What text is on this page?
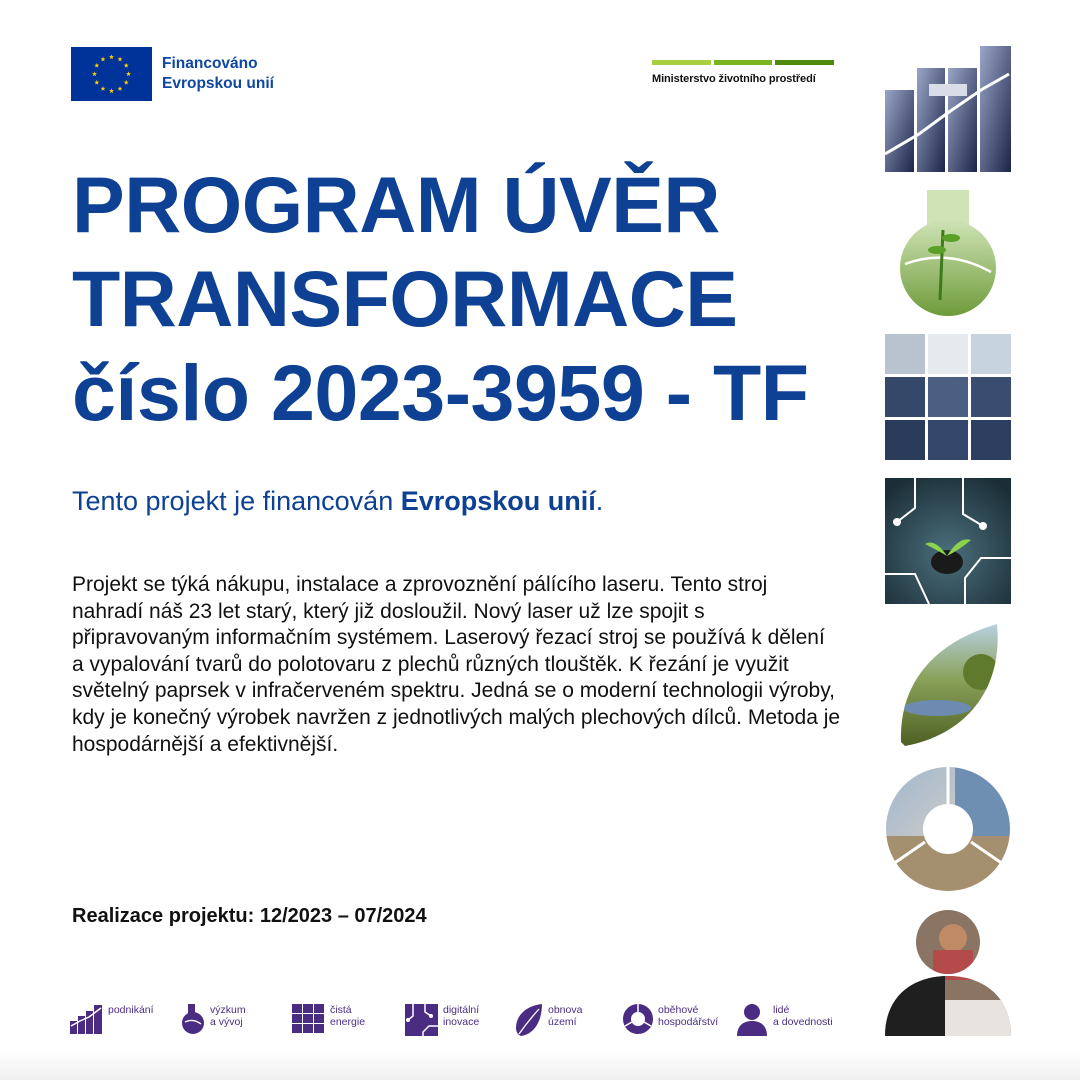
Financováno
Evropskou unií	Ministerstvo životního prostředí
PROGRAM ÚVĚR
TRANSFORMACE
číslo 2023-3959 - TF
Tento projekt je financován Evropskou unií.
Projekt se týká nákupu, instalace a zprovoznění pálícího laseru. Tento stroj nahradí náš 23 let starý, který již dosloužil. Nový laser už lze spojit s připravovaným informačním systémem. Laserový řezací stroj se používá k dělení a vypalování tvarů do polotovaru z plechů různých tlouštěk. K řezání je využit světelný paprsek v infračerveném spektru. Jedná se o moderní technologii výroby, kdy je konečný výrobek navržen z jednotlivých malých plechových dílců. Metoda je hospodárnější a efektivnější.
Realizace projektu: 12/2023 – 07/2024
podnikání	výzkum
a vývoj
čistá
energie
digitální
inovace
obnova
území
oběhové
hospodářství
lidé
a dovednosti
